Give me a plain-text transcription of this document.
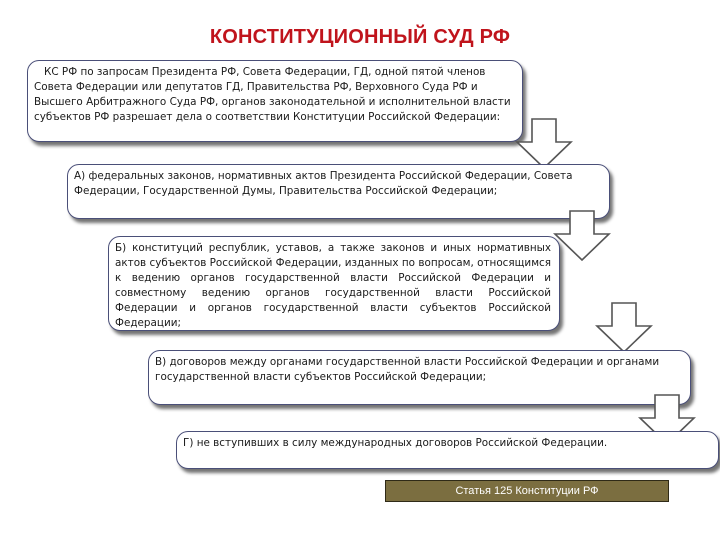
КОНСТИТУЦИОННЫЙ СУД РФ
КС РФ по запросам Президента РФ, Совета Федерации, ГД, одной пятой членов Совета Федерации или депутатов ГД, Правительства РФ, Верховного Суда РФ и Высшего Арбитражного Суда РФ, органов законодательной и исполнительной власти субъектов РФ разрешает дела о соответствии Конституции Российской Федерации:
А) федеральных законов, нормативных актов Президента Российской Федерации, Совета Федерации, Государственной Думы, Правительства Российской Федерации;
Б) конституций республик, уставов, а также законов и иных нормативных актов субъектов Российской Федерации, изданных по вопросам, относящимся к ведению органов государственной власти Российской Федерации и совместному ведению органов государственной власти Российской Федерации и органов государственной власти субъектов Российской Федерации;
В) договоров между органами государственной власти Российской Федерации и органами государственной власти субъектов Российской Федерации;
Г) не вступивших в силу международных договоров Российской Федерации.
Статья 125 Конституции РФ
